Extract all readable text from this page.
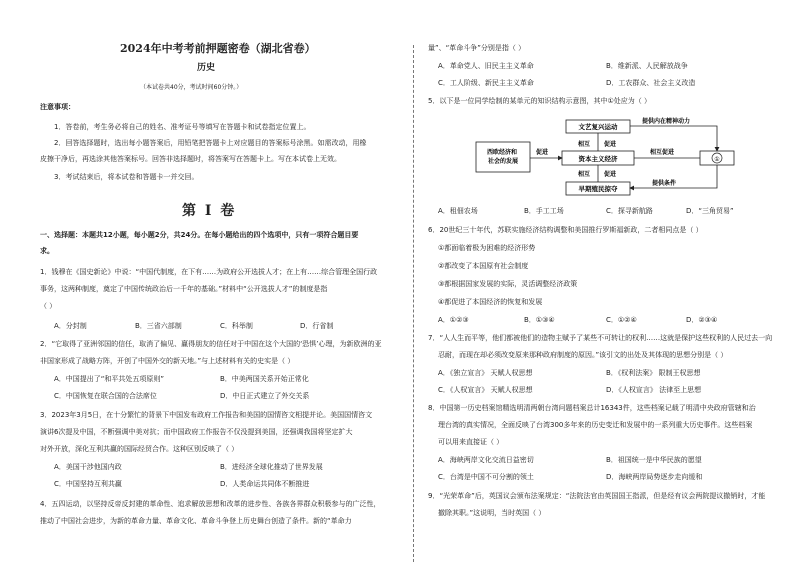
2024年中考考前押题密卷（湖北省卷）
历史
（本试卷共40分，考试时间60分钟。）
注意事项：
1．答卷前，考生务必将自己的姓名、准考证号等填写在答题卡和试卷指定位置上。
2．回答选择题时，选出每小题答案后，用铅笔把答题卡上对应题目的答案标号涂黑。如需改动，用橡
皮擦干净后，再选涂其他答案标号。回答非选择题时，将答案写在答题卡上。写在本试卷上无效。
3．考试结束后，将本试卷和答题卡一并交回。
第 I 卷
一、选择题：本题共12小题，每小题2分，共24分。在每小题给出的四个选项中，只有一项符合题目要
求。
1．钱穆在《国史新论》中说：“中国代制度，在下有……为政府公开选拔人才；在上有……综合管理全国行政
事务，这两种制度，奠定了中国传统政治后一千年的基础。”材料中“公开选拔人才”的制度是指
（ ）
A．分封制	B．三省六部制	C．科举制	D．行省制
2．“它取得了亚洲邻国的信任，取消了偏见、赢得朋友的信任对于中国在这个大国的‘恐惧’心理，为新欧洲的亚
非国家形成了战略方阵，开创了中国外交的新天地。”与上述材料有关的史实是（ ）
A．中国提出了“和平共处五项原则”	B．中美两国关系开始正常化
C．中国恢复在联合国的合法席位	D．中日正式建立了外交关系
3．2023年3月5日，在十分繁忙的背景下中国发布政府工作报告和美国的国情咨文相提并论。美国国情咨文
演讲6次提及中国，不断强调中美对抗；而中国政府工作报告不仅没提到美国，还强调我国将坚定扩大
对外开放，深化互利共赢的国际经贸合作。这种区别反映了（ ）
A．美国干涉他国内政	B．进经济全球化推动了世界发展
C．中国坚持互利共赢	D．人类命运共同体不断推进
4．五四运动，以坚持反帝反封建的革命性、追求解放思想和改革的进步性、各族各界群众积极参与的广泛性，
推动了中国社会进步，为新的革命力量、革命文化、革命斗争登上历史舞台创造了条件。新的“革命力
量”、“革命斗争”分别是指（ ）
A．革命党人、旧民主主义革命	B．维新派、人民解放战争
C．工人阶级、新民主主义革命	D．工农群众、社会主义改造
5．以下是一位同学绘制的某单元的知识结构示意图，其中①处应为（ ）
西欧经济和 社会的发展
文艺复兴运动
资本主义经济
早期殖民掠夺
①
促进	相互促进
提供内在精神动力
提供条件
相互 促进
相互 促进
A．租佃农场	B．手工工场	C．探寻新航路	D．“三角贸易”
6．20世纪三十年代，苏联实施经济结构调整和美国推行罗斯福新政，二者相同点是（ ）
①都面临着极为困难的经济形势
②都改变了本国原有社会制度
③都根据国家发展的实际，灵活调整经济政策
④都促进了本国经济的恢复和发展
A．①②③	B．①③④	C．①②④	D．②③④
7．“人人生而平等，他们都被他们的造物主赋予了某些不可转让的权利……这就是保护这些权利的人民过去一向
忍耐，而现在却必须改变原来那种政府制度的原因。”该引文的出处及其体现的思想分别是（ ）
A．《独立宣言》 天赋人权思想	B．《权利法案》 限制王权思想
C．《人权宣言》 天赋人权思想	D．《人权宣言》 法律至上思想
8．中国第一历史档案馆精选明清两朝台湾问题档案总计16343件，这些档案记载了明清中央政府管辖和治
理台湾的真实情况，全面反映了台湾300多年来的历史变迁和发展中的一系列重大历史事件。这些档案
可以用来直接证（ ）
A．海峡两岸文化交流日益密切	B．祖国统一是中华民族的愿望
C．台湾是中国不可分割的领土	D．海峡两岸局势逐步走向缓和
9．“光荣革命”后，英国议会颁布法案规定：“法院法官由英国国王指派，但是经有议会两院提议撤销时，才能
撤除其职。”这说明，当时英国（ ）
